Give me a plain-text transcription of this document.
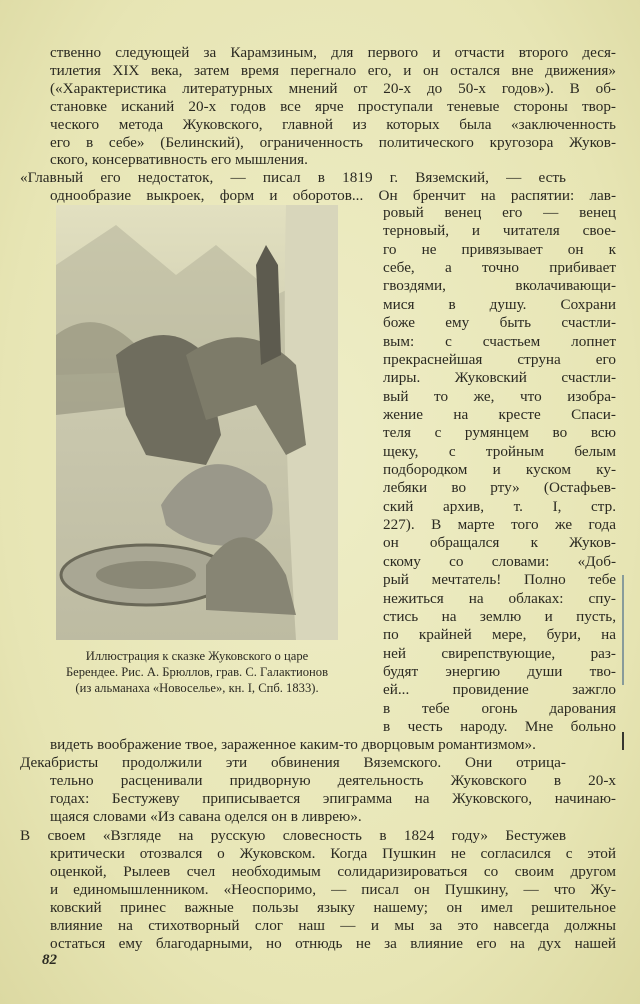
ственно следующей за Карамзиным, для первого и отчасти второго деся-
тилетия XIX века, затем время перегнало его, и он остался вне движения»
(«Характеристика литературных мнений от 20-х до 50-х годов»). В об-
становке исканий 20-х годов все ярче проступали теневые стороны твор-
ческого метода Жуковского, главной из которых была «заключенность
его в себе» (Белинский), ограниченность политического кругозора Жуков-
ского, консервативность его мышления.
«Главный его недостаток, — писал в 1819 г. Вяземский, — есть
однообразие выкроек, форм и оборотов... Он бренчит на распятии: лав-
ровый венец его — венец
терновый, и читателя свое-
го не привязывает он к
себе, а точно прибивает
гвоздями, вколачивающи-
мися в душу. Сохрани
боже ему быть счастли-
вым: с счастьем лопнет
прекраснейшая струна его
лиры. Жуковский счастли-
вый то же, что изобра-
жение на кресте Спаси-
теля с румянцем во всю
щеку, с тройным белым
подбородком и куском ку-
лебяки во рту» (Остафьев-
ский архив, т. I, стр.
227). В марте того же года
он обращался к Жуков-
скому со словами: «Доб-
рый мечтатель! Полно тебе
нежиться на облаках: спу-
стись на землю и пусть,
по крайней мере, бури, на
ней свирепствующие, раз-
будят энергию души тво-
ей... провидение зажгло
в тебе огонь дарования
в честь народу. Мне больно
Иллюстрация к сказке Жуковского о царе
Берендее. Рис. А. Брюллов, грав. С. Галактионов
(из альманаха «Новоселье», кн. I, Спб. 1833).
видеть воображение твое, зараженное каким-то дворцовым романтизмом».
Декабристы продолжили эти обвинения Вяземского. Они отрица-
тельно расценивали придворную деятельность Жуковского в 20-х
годах: Бестужеву приписывается эпиграмма на Жуковского, начинаю-
щаяся словами «Из савана оделся он в ливрею».
В своем «Взгляде на русскую словесность в 1824 году» Бестужев
критически отозвался о Жуковском. Когда Пушкин не согласился с этой
оценкой, Рылеев счел необходимым солидаризироваться со своим другом
и единомышленником. «Неоспоримо, — писал он Пушкину, — что Жу-
ковский принес важные пользы языку нашему; он имел решительное
влияние на стихотворный слог наш — и мы за это навсегда должны
остаться ему благодарными, но отнюдь не за влияние его на дух нашей
82
